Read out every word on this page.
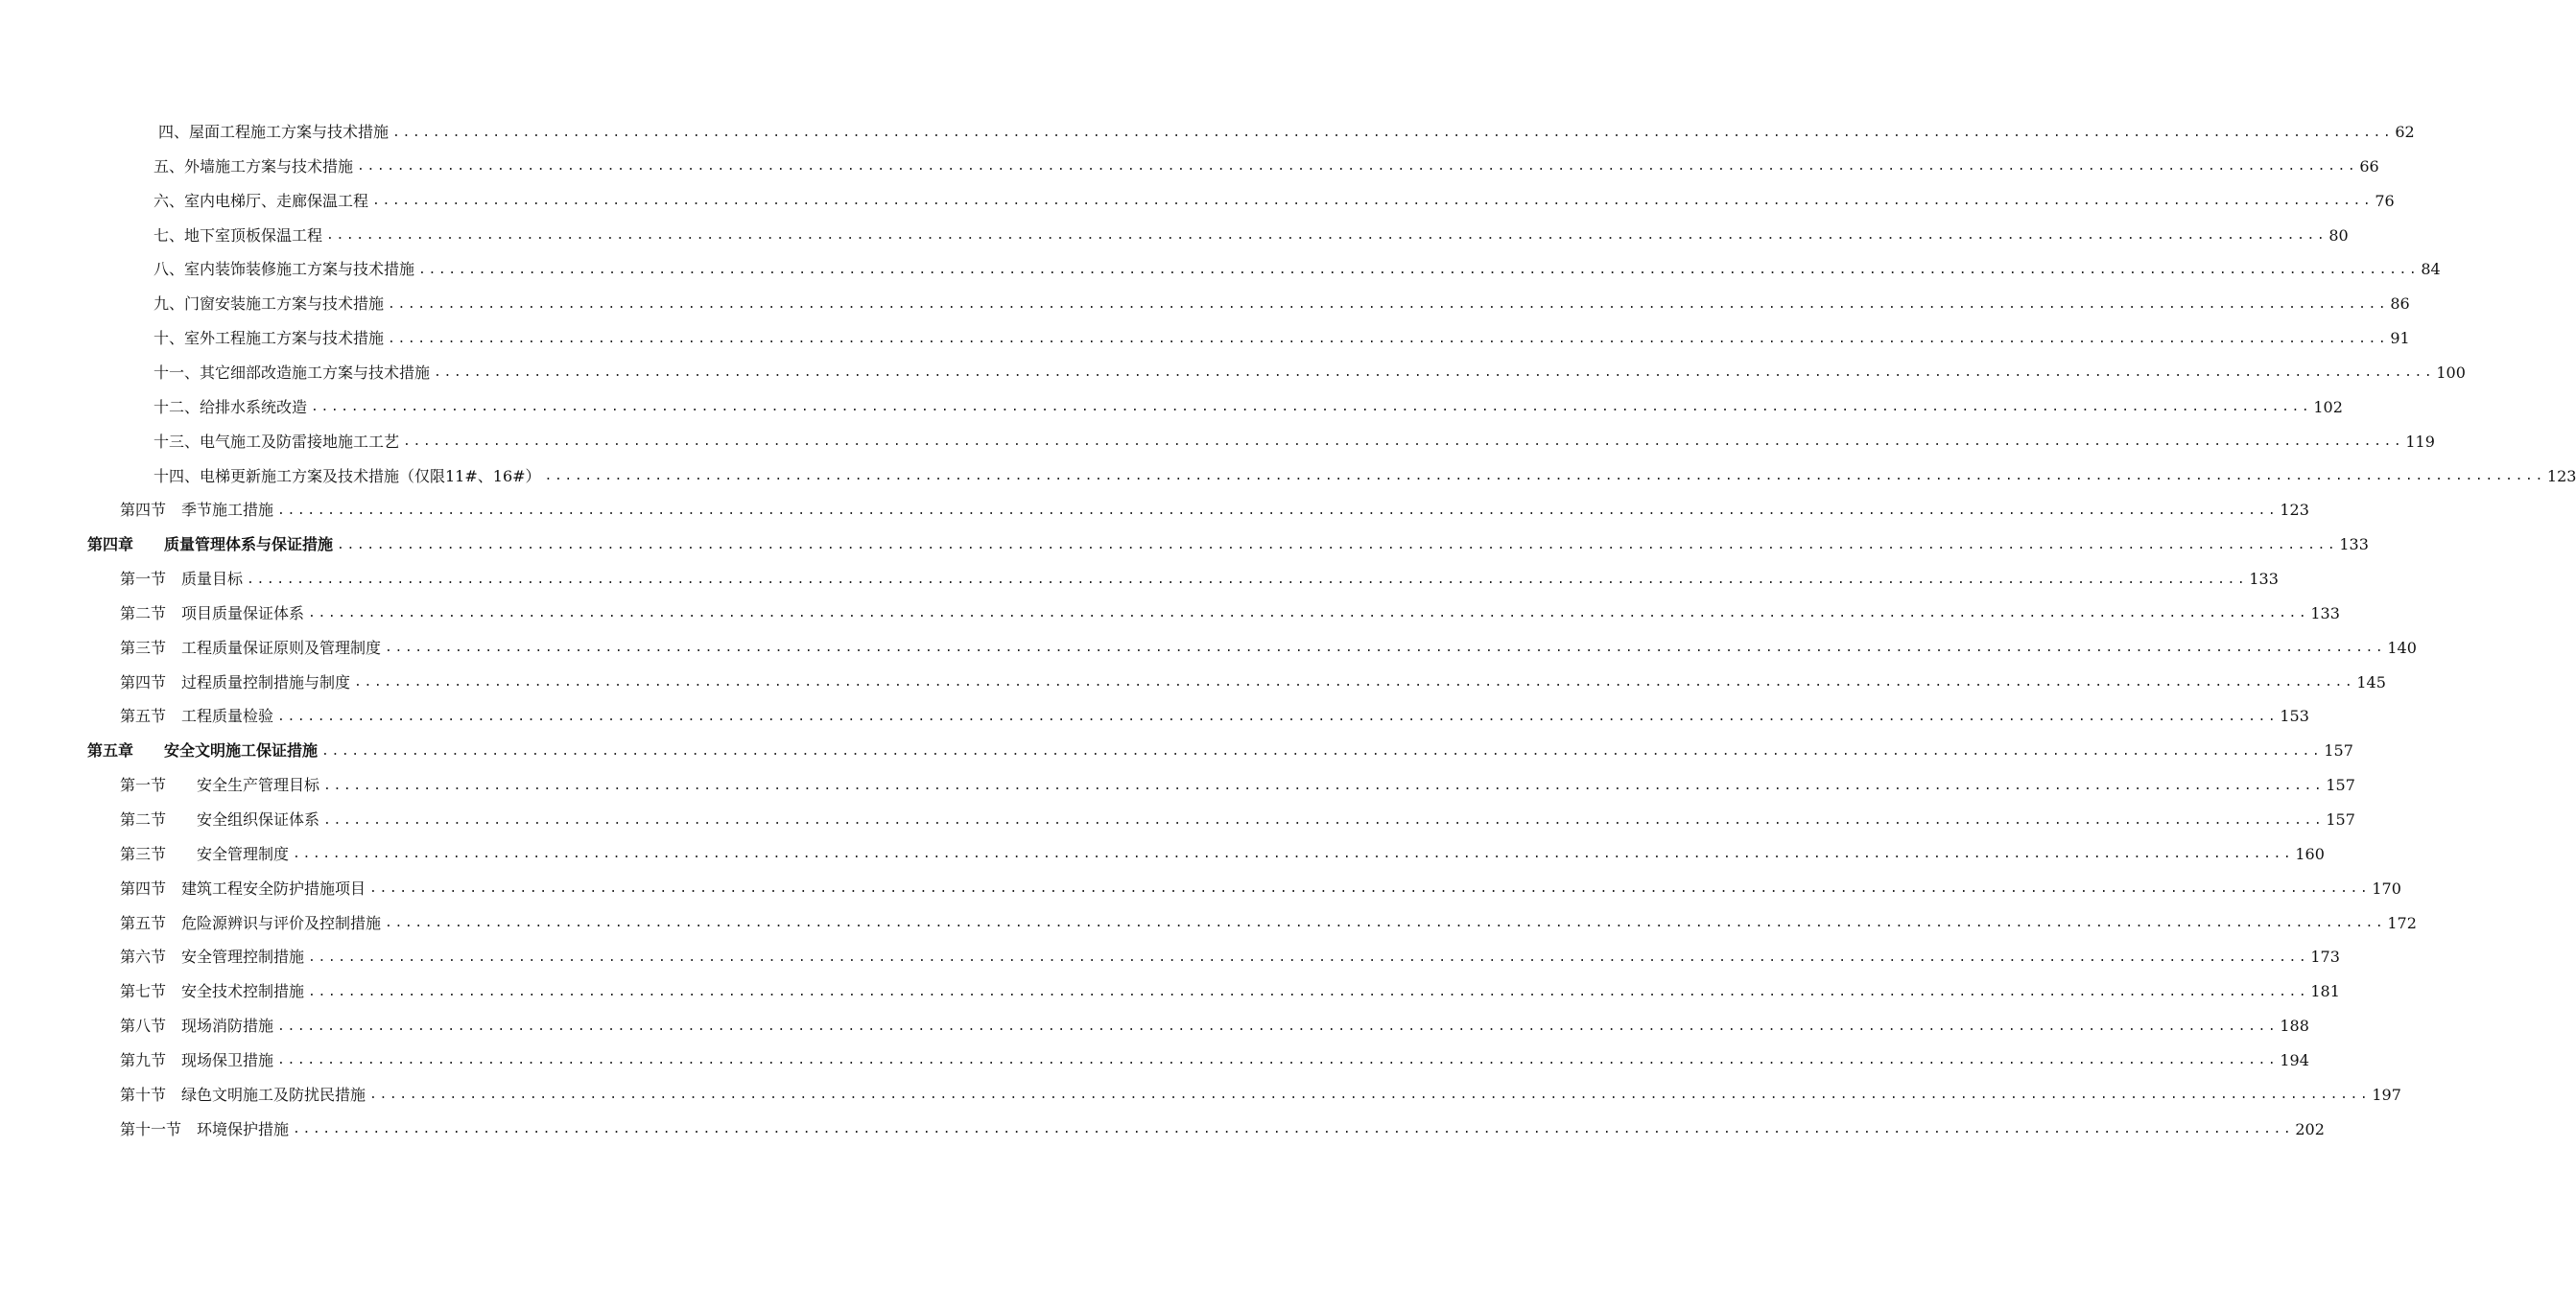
四、屋面工程施工方案与技术措施 ........................................................................................................................................................................................................ 62
五、外墙施工方案与技术措施 ........................................................................................................................................................................................................ 66
六、室内电梯厅、走廊保温工程 ........................................................................................................................................................................................................ 76
七、地下室顶板保温工程 ........................................................................................................................................................................................................ 80
八、室内装饰装修施工方案与技术措施 ........................................................................................................................................................................................................ 84
九、门窗安装施工方案与技术措施 ........................................................................................................................................................................................................ 86
十、室外工程施工方案与技术措施 ........................................................................................................................................................................................................ 91
十一、其它细部改造施工方案与技术措施 ........................................................................................................................................................................................................ 100
十二、给排水系统改造 ........................................................................................................................................................................................................ 102
十三、电气施工及防雷接地施工工艺 ........................................................................................................................................................................................................ 119
十四、电梯更新施工方案及技术措施（仅限11#、16#） ........................................................................................................................................................................................................ 123
第四节　季节施工措施 ........................................................................................................................................................................................................ 123
第四章　　质量管理体系与保证措施 ........................................................................................................................................................................................................ 133
第一节　质量目标 ........................................................................................................................................................................................................ 133
第二节　项目质量保证体系 ........................................................................................................................................................................................................ 133
第三节　工程质量保证原则及管理制度 ........................................................................................................................................................................................................ 140
第四节　过程质量控制措施与制度 ........................................................................................................................................................................................................ 145
第五节　工程质量检验 ........................................................................................................................................................................................................ 153
第五章　　安全文明施工保证措施 ........................................................................................................................................................................................................ 157
第一节　　安全生产管理目标 ........................................................................................................................................................................................................ 157
第二节　　安全组织保证体系 ........................................................................................................................................................................................................ 157
第三节　　安全管理制度 ........................................................................................................................................................................................................ 160
第四节　建筑工程安全防护措施项目 ........................................................................................................................................................................................................ 170
第五节　危险源辨识与评价及控制措施 ........................................................................................................................................................................................................ 172
第六节　安全管理控制措施 ........................................................................................................................................................................................................ 173
第七节　安全技术控制措施 ........................................................................................................................................................................................................ 181
第八节　现场消防措施 ........................................................................................................................................................................................................ 188
第九节　现场保卫措施 ........................................................................................................................................................................................................ 194
第十节　绿色文明施工及防扰民措施 ........................................................................................................................................................................................................ 197
第十一节　环境保护措施 ........................................................................................................................................................................................................ 202
